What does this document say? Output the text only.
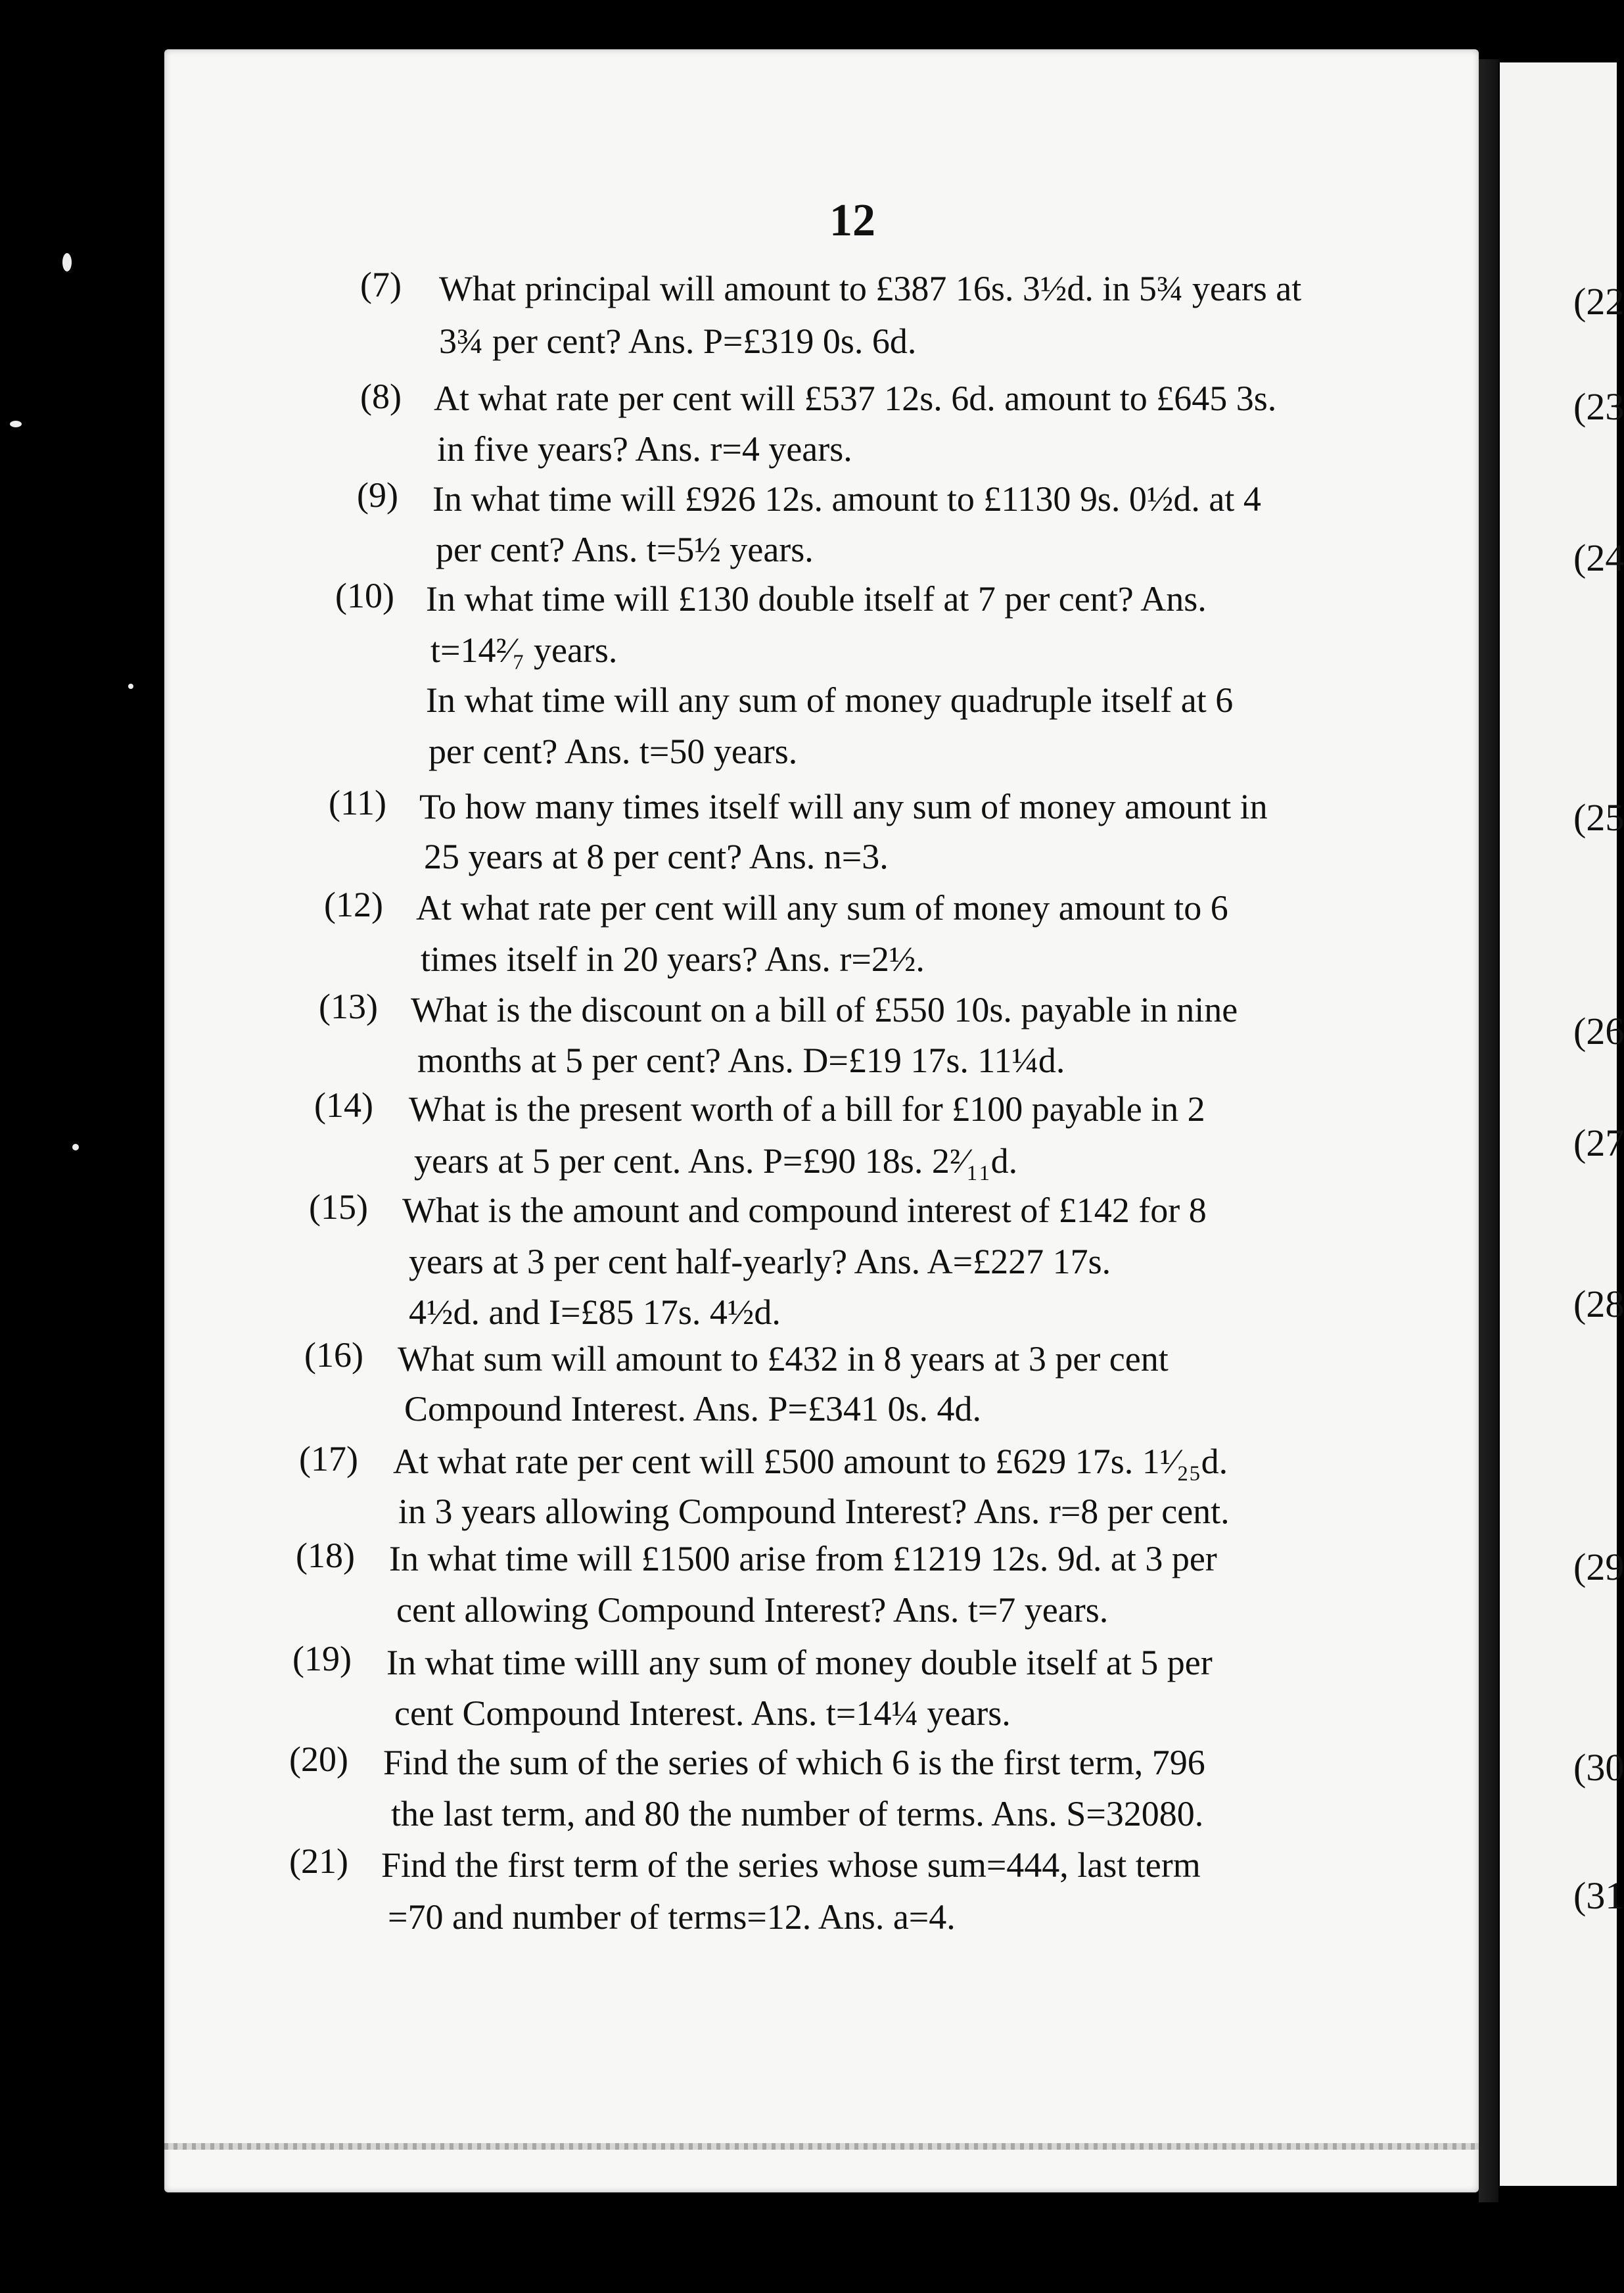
(22
(23
(24
(25
(26
(27
(28
(29
(30
(31
12
(7) What principal will amount to £387 16s. 3½d. in 5¾ years at
3¾ per cent? Ans. P=£319 0s. 6d.
(8) At what rate per cent will £537 12s. 6d. amount to £645 3s.
in five years? Ans. r=4 years.
(9) In what time will £926 12s. amount to £1130 9s. 0½d. at 4
per cent? Ans. t=5½ years.
(10) In what time will £130 double itself at 7 per cent? Ans.
t=14²⁄₇ years.
In what time will any sum of money quadruple itself at 6
per cent? Ans. t=50 years.
(11) To how many times itself will any sum of money amount in
25 years at 8 per cent? Ans. n=3.
(12) At what rate per cent will any sum of money amount to 6
times itself in 20 years? Ans. r=2½.
(13) What is the discount on a bill of £550 10s. payable in nine
months at 5 per cent? Ans. D=£19 17s. 11¼d.
(14) What is the present worth of a bill for £100 payable in 2
years at 5 per cent. Ans. P=£90 18s. 2²⁄₁₁d.
(15) What is the amount and compound interest of £142 for 8
years at 3 per cent half-yearly? Ans. A=£227 17s.
4½d. and I=£85 17s. 4½d.
(16) What sum will amount to £432 in 8 years at 3 per cent
Compound Interest. Ans. P=£341 0s. 4d.
(17) At what rate per cent will £500 amount to £629 17s. 1¹⁄₂₅d.
in 3 years allowing Compound Interest? Ans. r=8 per cent.
(18) In what time will £1500 arise from £1219 12s. 9d. at 3 per
cent allowing Compound Interest? Ans. t=7 years.
(19) In what time willl any sum of money double itself at 5 per
cent Compound Interest. Ans. t=14¼ years.
(20) Find the sum of the series of which 6 is the first term, 796
the last term, and 80 the number of terms. Ans. S=32080.
(21) Find the first term of the series whose sum=444, last term
=70 and number of terms=12. Ans. a=4.
